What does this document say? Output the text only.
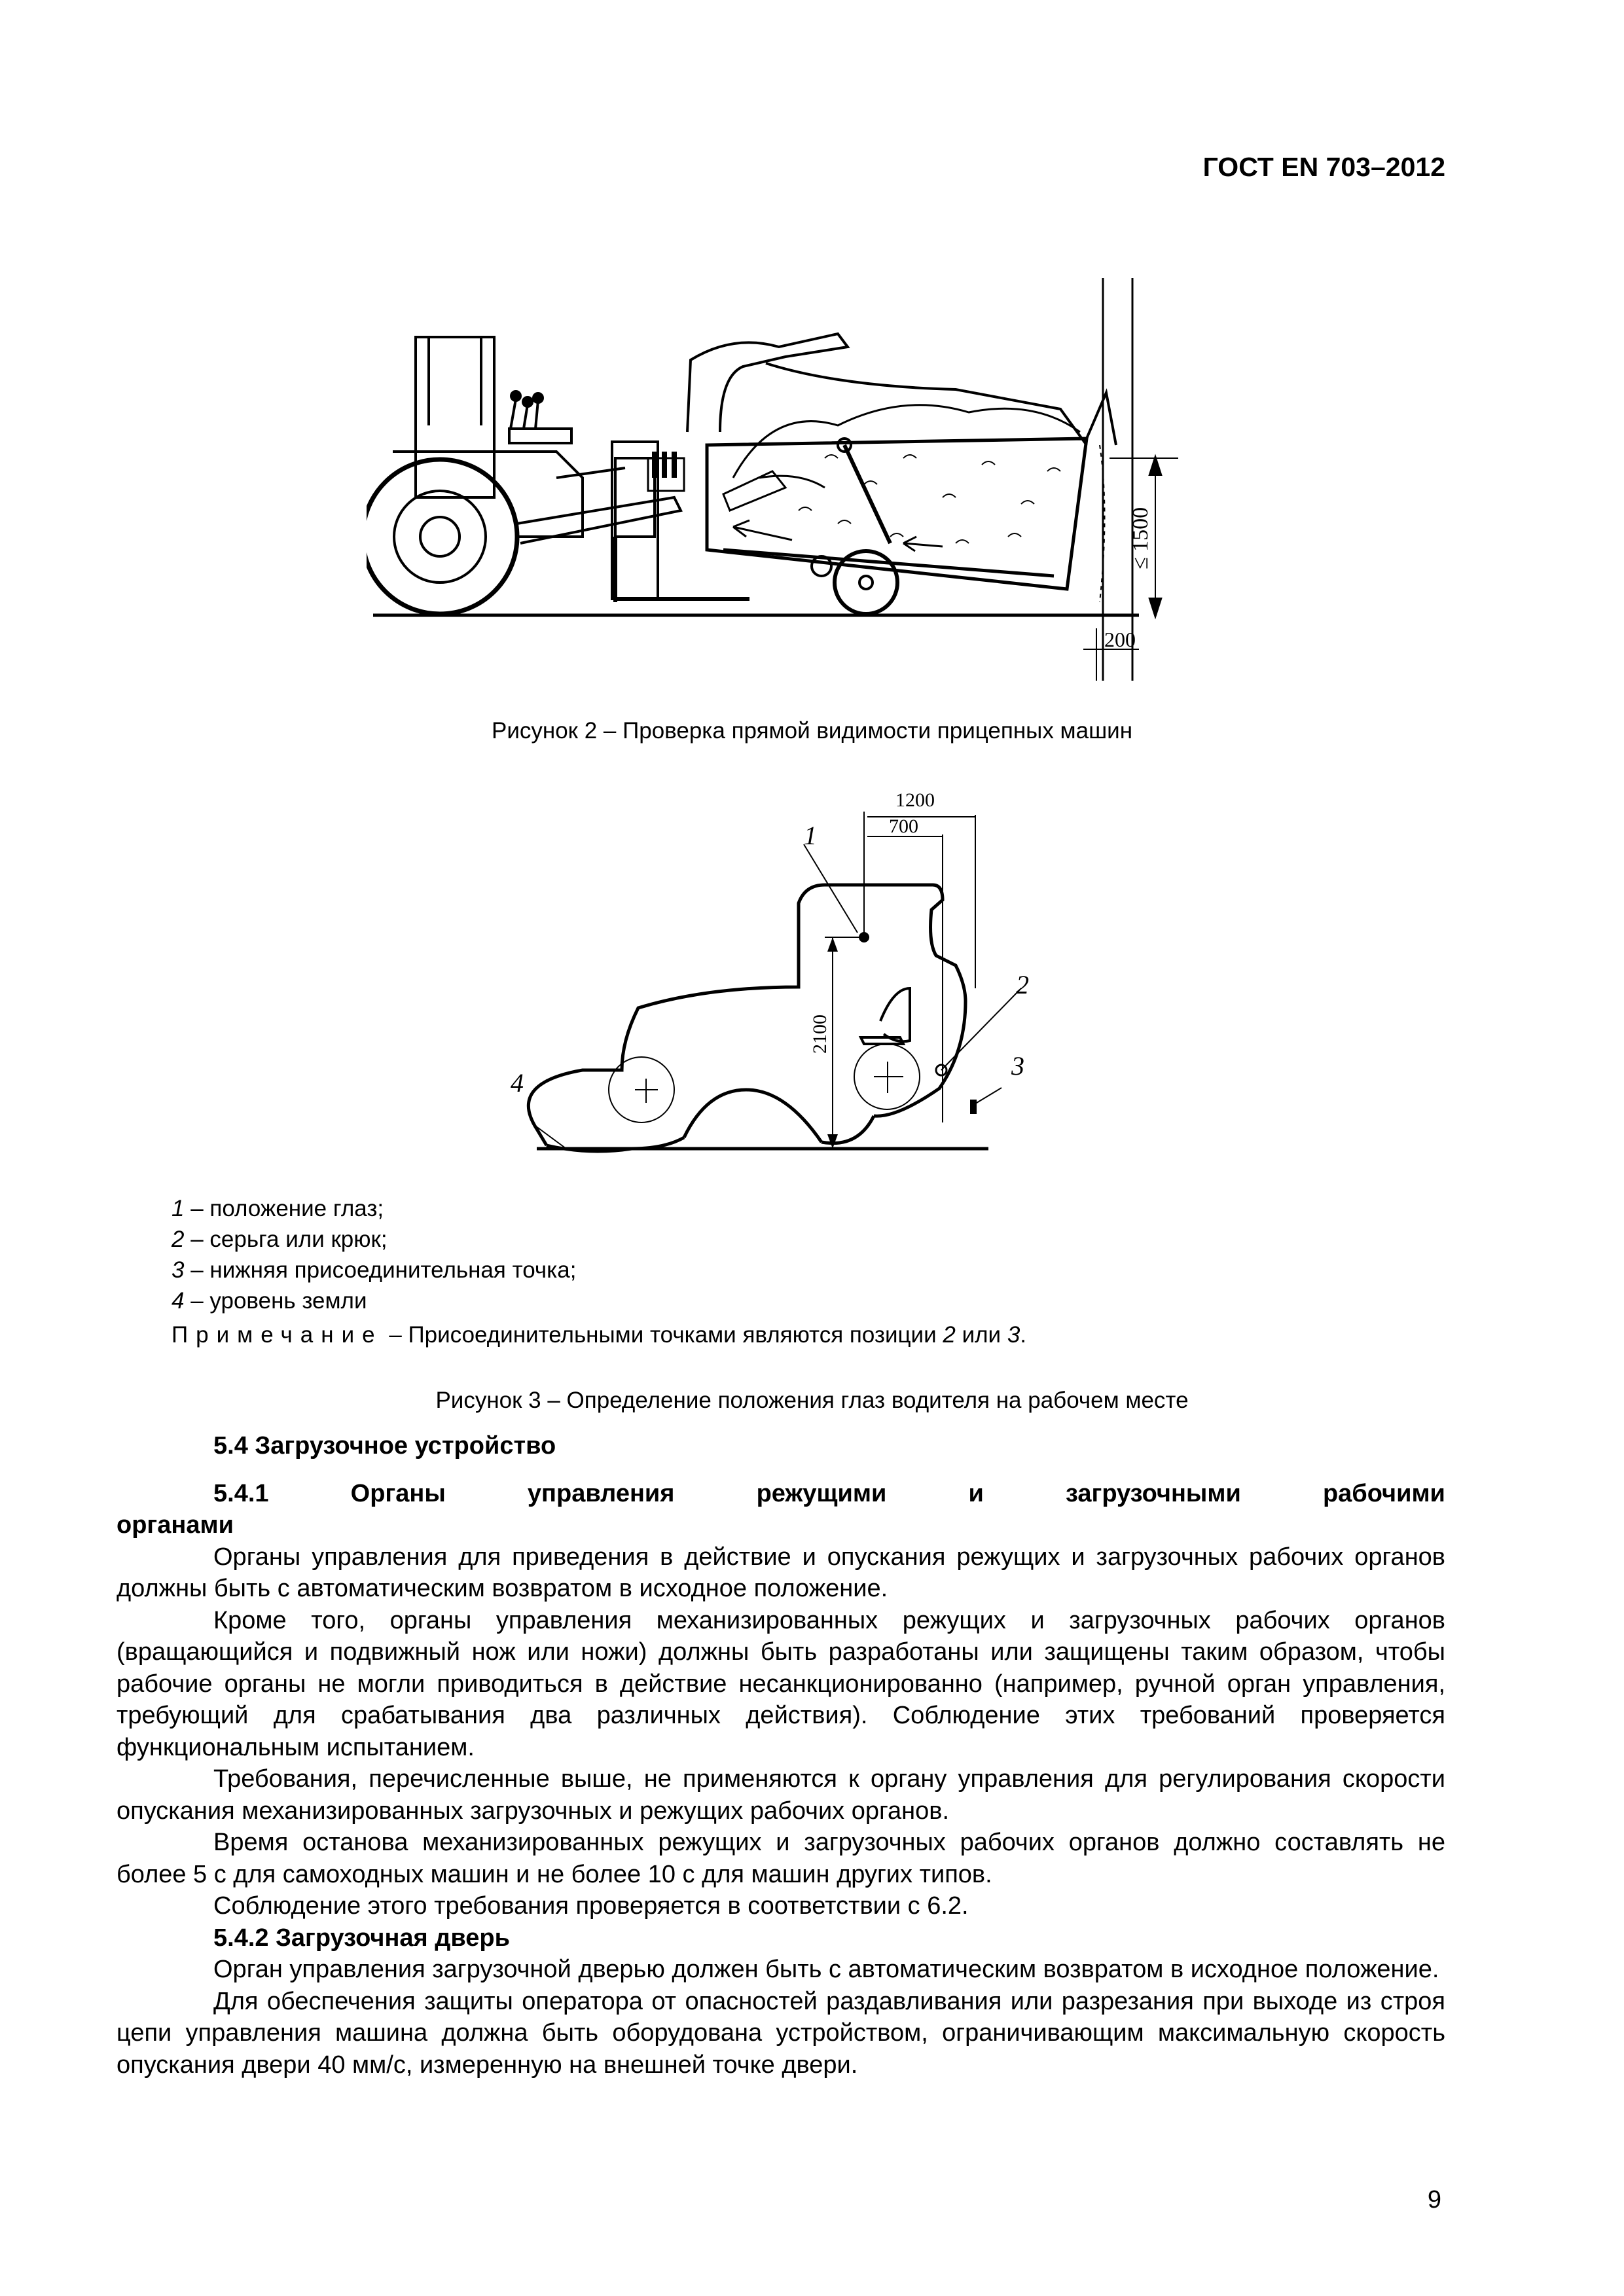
ГОСТ EN 703–2012
≤ 1500
200
Рисунок 2 – Проверка прямой видимости прицепных машин
1200
700
2100
1
2
3
4
1 – положение глаз;
2 – серьга или крюк;
3 – нижняя присоединительная точка;
4 – уровень земли
Примечание – Присоединительными точками являются позиции 2 или 3.
Рисунок 3 – Определение положения глаз водителя на рабочем месте

5.4 Загрузочное устройство

5.4.1	Органы	управления	режущими	и	загрузочными	рабочими

органами

Органы управления для приведения в действие и опускания режущих и загрузочных рабочих органов должны быть с автоматическим возвратом в исходное положение.

Кроме того, органы управления механизированных режущих и загрузочных рабочих органов (вращающийся и подвижный нож или ножи) должны быть разработаны или защищены таким образом, чтобы рабочие органы не могли приводиться в действие несанкционированно (например, ручной орган управления, требующий для срабатывания два различных действия). Соблюдение этих требований проверяется функциональным испытанием.

Требования, перечисленные выше, не применяются к органу управления для регулирования скорости опускания механизированных загрузочных и режущих рабочих органов.

Время останова механизированных режущих и загрузочных рабочих органов должно составлять не более 5 с для самоходных машин и не более 10 с для машин других типов.

Соблюдение этого требования проверяется в соответствии с 6.2.

5.4.2 Загрузочная дверь

Орган управления загрузочной дверью должен быть с автоматическим возвратом в исходное положение.

Для обеспечения защиты оператора от опасностей раздавливания или разрезания при выходе из строя цепи управления машина должна быть оборудована устройством, ограничивающим максимальную скорость опускания двери 40 мм/с, измеренную на внешней точке двери.

9
